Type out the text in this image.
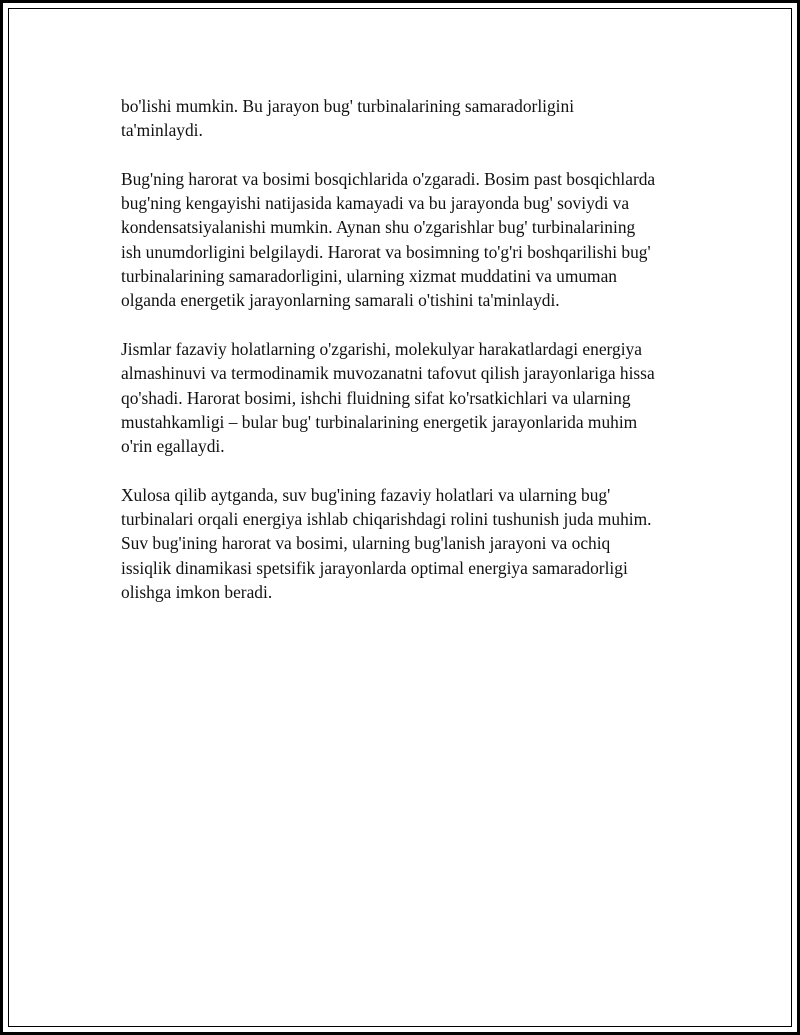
bo'lishi mumkin. Bu jarayon bug' turbinalarining samaradorligini
ta'minlaydi.

Bug'ning harorat va bosimi bosqichlarida o'zgaradi. Bosim past bosqichlarda
bug'ning kengayishi natijasida kamayadi va bu jarayonda bug' soviydi va
kondensatsiyalanishi mumkin. Aynan shu o'zgarishlar bug' turbinalarining
ish unumdorligini belgilaydi. Harorat va bosimning to'g'ri boshqarilishi bug'
turbinalarining samaradorligini, ularning xizmat muddatini va umuman
olganda energetik jarayonlarning samarali o'tishini ta'minlaydi.

Jismlar fazaviy holatlarning o'zgarishi, molekulyar harakatlardagi energiya
almashinuvi va termodinamik muvozanatni tafovut qilish jarayonlariga hissa
qo'shadi. Harorat bosimi, ishchi fluidning sifat ko'rsatkichlari va ularning
mustahkamligi – bular bug' turbinalarining energetik jarayonlarida muhim
o'rin egallaydi.

Xulosa qilib aytganda, suv bug'ining fazaviy holatlari va ularning bug'
turbinalari orqali energiya ishlab chiqarishdagi rolini tushunish juda muhim.
Suv bug'ining harorat va bosimi, ularning bug'lanish jarayoni va ochiq
issiqlik dinamikasi spetsifik jarayonlarda optimal energiya samaradorligi
olishga imkon beradi.
